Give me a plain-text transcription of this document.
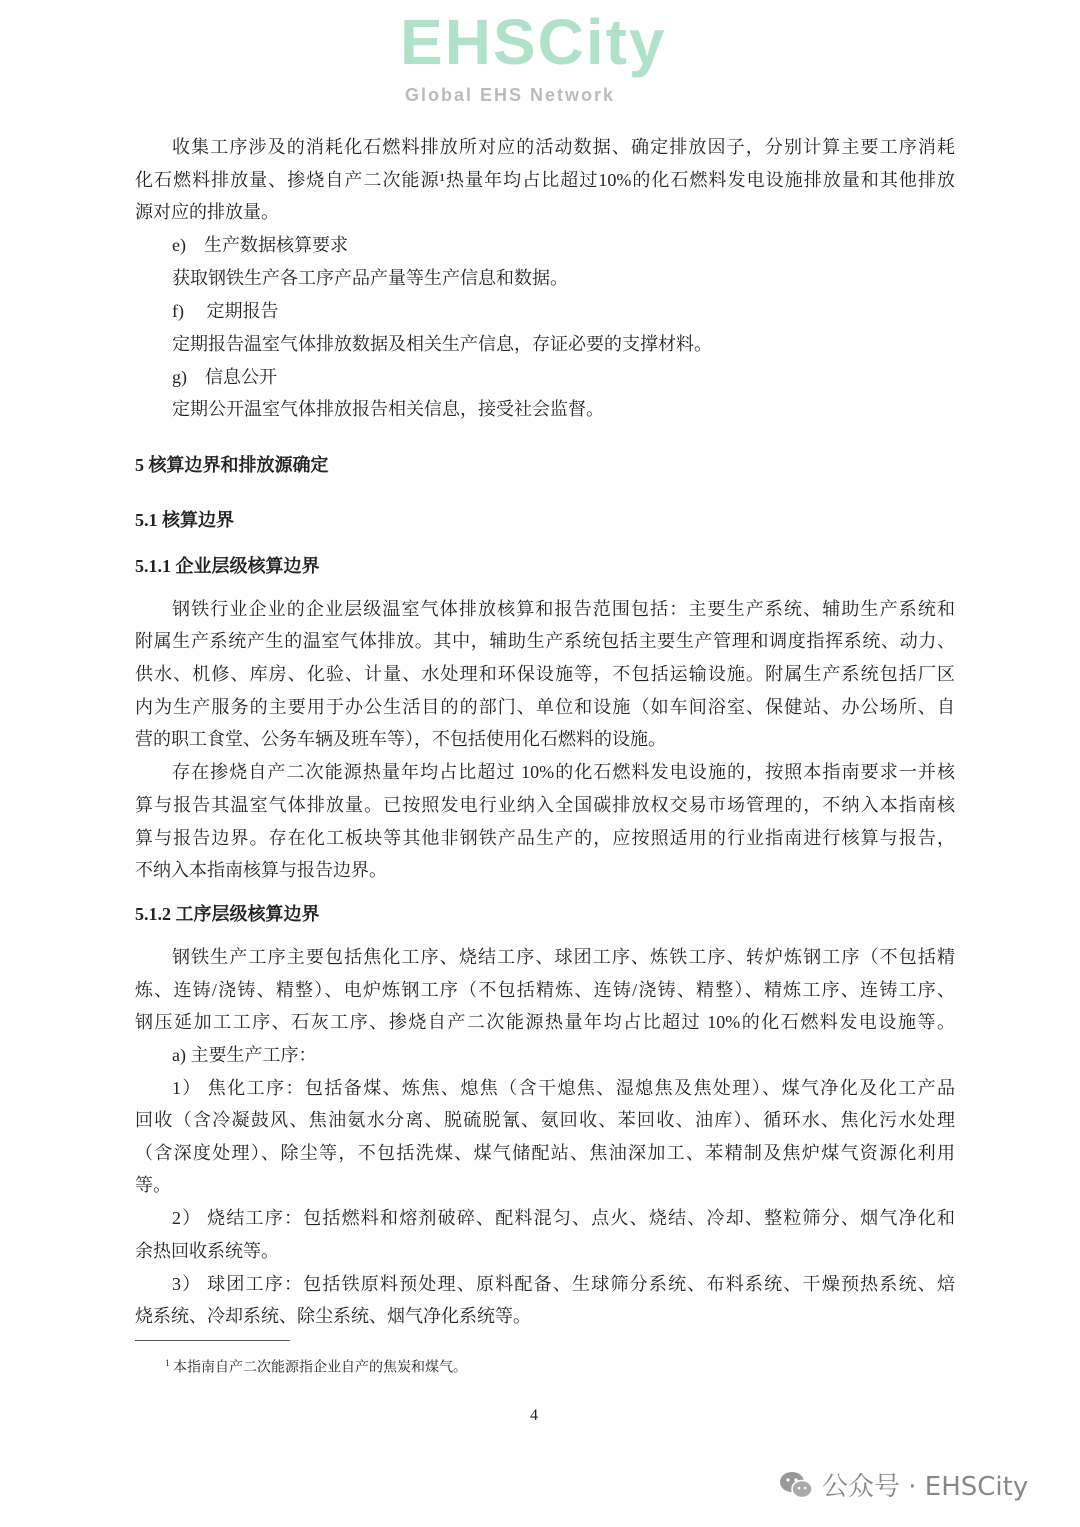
EHSCity
Global EHS Network
$^1$ 本指南自产二次能源指企业自产的焦炭和煤气。
4
公众号 · EHSCity
收集工序涉及的消耗化石燃料排放所对应的活动数据、确定排放因子，分别计算主要工序消耗
化石燃料排放量、掺烧自产二次能源¹热量年均占比超过10%的化石燃料发电设施排放量和其他排放
源对应的排放量。
e)　生产数据核算要求
获取钢铁生产各工序产品产量等生产信息和数据。
f)　 定期报告
定期报告温室气体排放数据及相关生产信息，存证必要的支撑材料。
g)　信息公开
定期公开温室气体排放报告相关信息，接受社会监督。
5 核算边界和排放源确定
5.1 核算边界
5.1.1 企业层级核算边界
钢铁行业企业的企业层级温室气体排放核算和报告范围包括：主要生产系统、辅助生产系统和
附属生产系统产生的温室气体排放。其中，辅助生产系统包括主要生产管理和调度指挥系统、动力、
供水、机修、库房、化验、计量、水处理和环保设施等，不包括运输设施。附属生产系统包括厂区
内为生产服务的主要用于办公生活目的的部门、单位和设施（如车间浴室、保健站、办公场所、自
营的职工食堂、公务车辆及班车等），不包括使用化石燃料的设施。
存在掺烧自产二次能源热量年均占比超过 10%的化石燃料发电设施的，按照本指南要求一并核
算与报告其温室气体排放量。已按照发电行业纳入全国碳排放权交易市场管理的，不纳入本指南核
算与报告边界。存在化工板块等其他非钢铁产品生产的，应按照适用的行业指南进行核算与报告，
不纳入本指南核算与报告边界。
5.1.2 工序层级核算边界
钢铁生产工序主要包括焦化工序、烧结工序、球团工序、炼铁工序、转炉炼钢工序（不包括精
炼、连铸/浇铸、精整）、电炉炼钢工序（不包括精炼、连铸/浇铸、精整）、精炼工序、连铸工序、
钢压延加工工序、石灰工序、掺烧自产二次能源热量年均占比超过 10%的化石燃料发电设施等。
a) 主要生产工序：
1） 焦化工序：包括备煤、炼焦、熄焦（含干熄焦、湿熄焦及焦处理）、煤气净化及化工产品
回收（含冷凝鼓风、焦油氨水分离、脱硫脱氰、氨回收、苯回收、油库）、循环水、焦化污水处理
（含深度处理）、除尘等，不包括洗煤、煤气储配站、焦油深加工、苯精制及焦炉煤气资源化利用
等。
2） 烧结工序：包括燃料和熔剂破碎、配料混匀、点火、烧结、冷却、整粒筛分、烟气净化和
余热回收系统等。
3） 球团工序：包括铁原料预处理、原料配备、生球筛分系统、布料系统、干燥预热系统、焙
烧系统、冷却系统、除尘系统、烟气净化系统等。
